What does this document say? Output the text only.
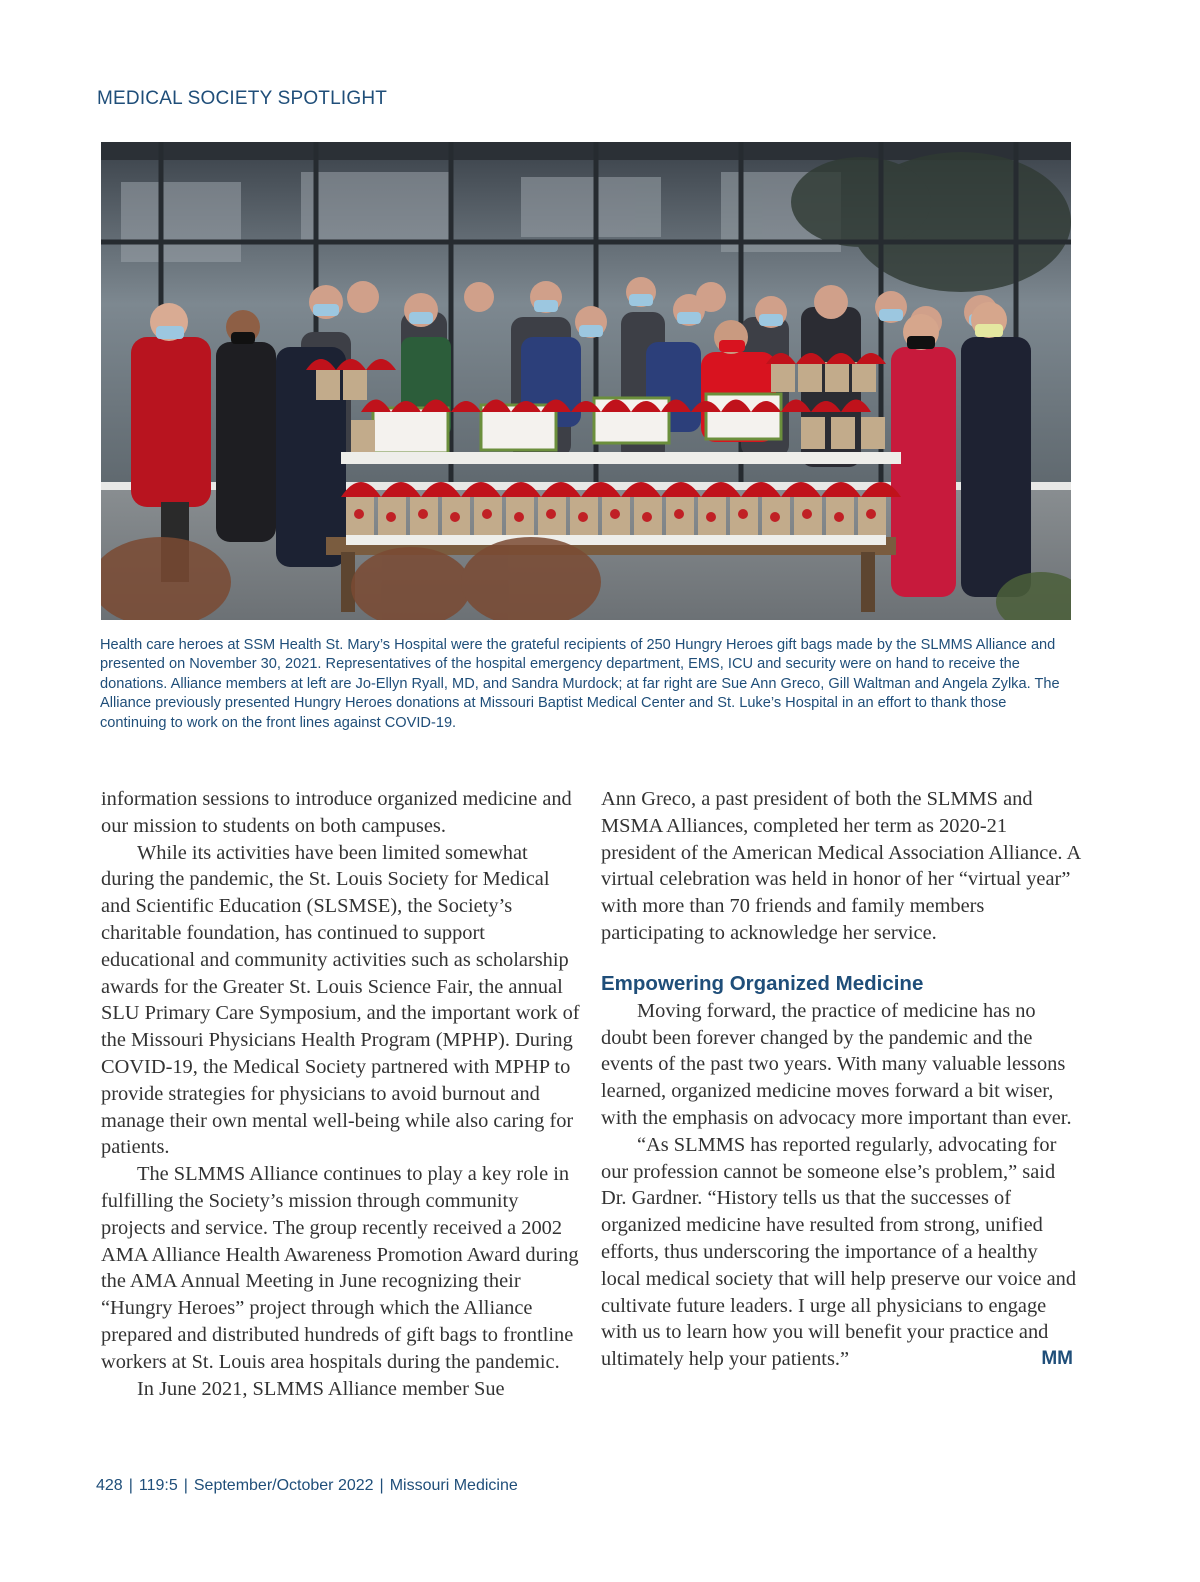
MEDICAL SOCIETY SPOTLIGHT
Health care heroes at SSM Health St. Mary’s Hospital were the grateful recipients of 250 Hungry Heroes gift bags made by the SLMMS Alliance and presented on November 30, 2021. Representatives of the hospital emergency department, EMS, ICU and security were on hand to receive the donations. Alliance members at left are Jo-Ellyn Ryall, MD, and Sandra Murdock; at far right are Sue Ann Greco, Gill Waltman and Angela Zylka. The Alliance previously presented Hungry Heroes donations at Missouri Baptist Medical Center and St. Luke’s Hospital in an effort to thank those continuing to work on the front lines against COVID-19.

information sessions to introduce organized medicine and our mission to students on both campuses.

While its activities have been limited somewhat during the pandemic, the St. Louis Society for Medical and Scientific Education (SLSMSE), the Society’s charitable foundation, has continued to support educational and community activities such as scholarship awards for the Greater St. Louis Science Fair, the annual SLU Primary Care Symposium, and the important work of the Missouri Physicians Health Program (MPHP). During COVID-19, the Medical Society partnered with MPHP to provide strategies for physicians to avoid burnout and manage their own mental well-being while also caring for patients.

The SLMMS Alliance continues to play a key role in fulfilling the Society’s mission through community projects and service. The group recently received a 2002 AMA Alliance Health Awareness Promotion Award during the AMA Annual Meeting in June recognizing their “Hungry Heroes” project through which the Alliance prepared and distributed hundreds of gift bags to frontline workers at St. Louis area hospitals during the pandemic.

In June 2021, SLMMS Alliance member Sue

Ann Greco, a past president of both the SLMMS and MSMA Alliances, completed her term as 2020-21 president of the American Medical Association Alliance. A virtual celebration was held in honor of her “virtual year” with more than 70 friends and family members participating to acknowledge her service.

Empowering Organized Medicine

Moving forward, the practice of medicine has no doubt been forever changed by the pandemic and the events of the past two years. With many valuable lessons learned, organized medicine moves forward a bit wiser, with the emphasis on advocacy more important than ever.

“As SLMMS has reported regularly, advocating for our profession cannot be someone else’s problem,” said Dr. Gardner. “History tells us that the successes of organized medicine have resulted from strong, unified efforts, thus underscoring the importance of a healthy local medical society that will help preserve our voice and cultivate future leaders. I urge all physicians to engage with us to learn how you will benefit your practice and ultimately help your patients.”	MM

428 | 119:5 | September/October 2022 | Missouri Medicine
